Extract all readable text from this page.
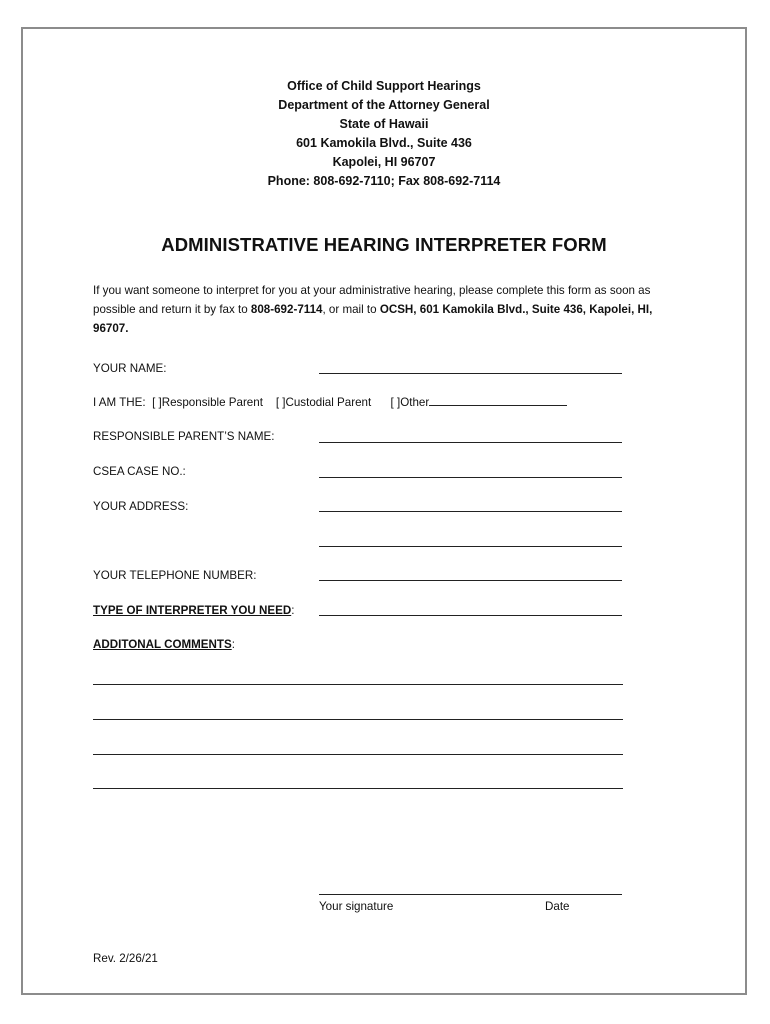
Office of Child Support Hearings
Department of the Attorney General
State of Hawaii
601 Kamokila Blvd., Suite 436
Kapolei, HI 96707
Phone: 808-692-7110; Fax 808-692-7114
ADMINISTRATIVE HEARING INTERPRETER FORM
If you want someone to interpret for you at your administrative hearing, please complete this form as soon as possible and return it by fax to 808-692-7114, or mail to OCSH, 601 Kamokila Blvd., Suite 436, Kapolei, HI, 96707.
YOUR NAME:
I AM THE: [ ]Responsible Parent [ ]Custodial Parent [ ]Other
RESPONSIBLE PARENT’S NAME:
CSEA CASE NO.:
YOUR ADDRESS:
YOUR TELEPHONE NUMBER:
TYPE OF INTERPRETER YOU NEED:
ADDITONAL COMMENTS:
Your signature	Date
Rev. 2/26/21
